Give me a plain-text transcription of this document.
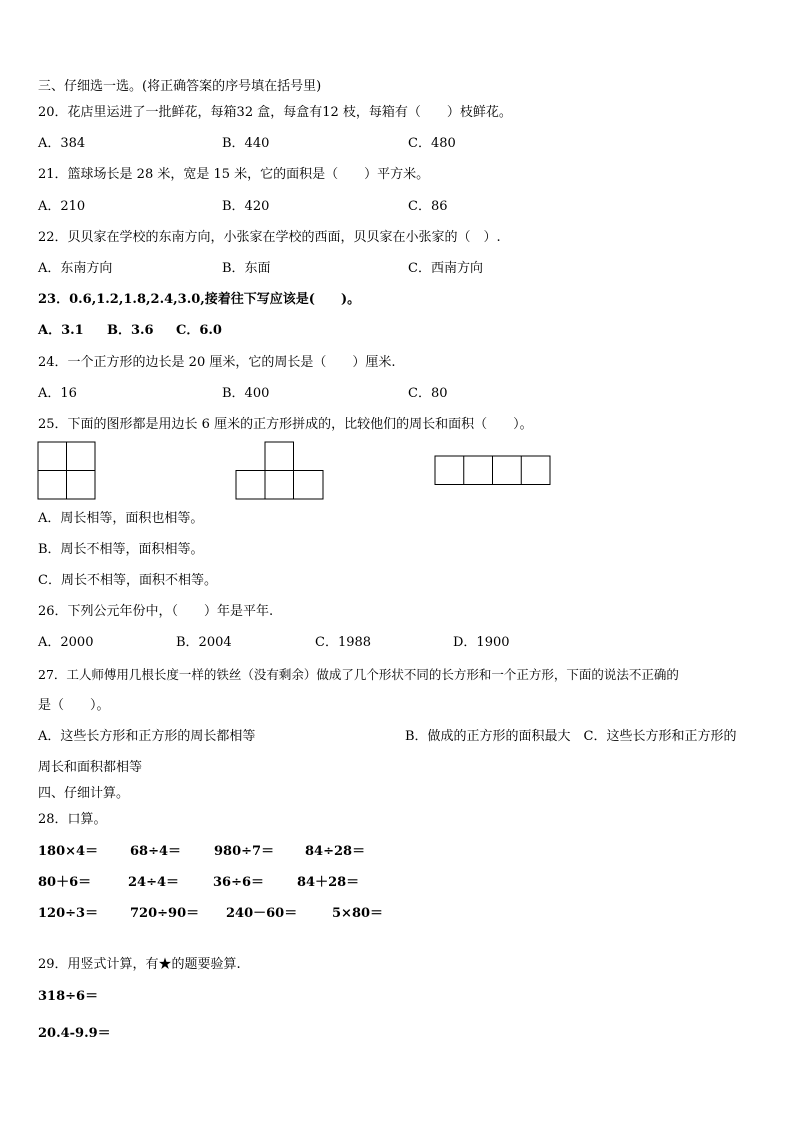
三、仔细选一选。(将正确答案的序号填在括号里)
20．花店里运进了一批鲜花，每箱32 盒，每盒有12 枝，每箱有（　　）枝鲜花。
A．384	B．440	C．480
21．篮球场长是 28 米，宽是 15 米，它的面积是（　　）平方米。
A．210	B．420	C．86
22．贝贝家在学校的东南方向，小张家在学校的西面，贝贝家在小张家的（　）.
A．东南方向	B．东面	C．西南方向
23．0.6,1.2,1.8,2.4,3.0,接着往下写应该是(　　)。
A．3.1 B．3.6 C．6.0
24．一个正方形的边长是 20 厘米，它的周长是（　　）厘米.
A．16	B．400	C．80
25．下面的图形都是用边长 6 厘米的正方形拼成的，比较他们的周长和面积（　　）。
A．周长相等，面积也相等。
B．周长不相等，面积相等。
C．周长不相等，面积不相等。
26．下列公元年份中，（　　）年是平年.
A．2000	B．2004	C．1988	D．1900
27．工人师傅用几根长度一样的铁丝（没有剩余）做成了几个形状不同的长方形和一个正方形，下面的说法不正确的
是（　　）。
A．这些长方形和正方形的周长都相等	B．做成的正方形的面积最大　C．这些长方形和正方形的
周长和面积都相等
四、仔细计算。
28．口算。
180×4＝ 68÷4＝	980÷7＝ 84÷28＝
80＋6＝	24÷4＝	36÷6＝	84＋28＝
120÷3＝ 720÷90＝ 240－60＝	5×80＝
29．用竖式计算，有★的题要验算.
318÷6＝
20.4-9.9＝
